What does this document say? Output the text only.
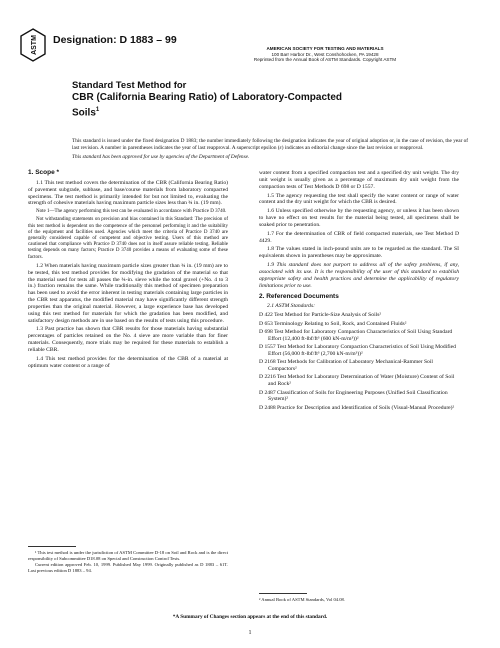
ASTM Designation: D 1883 – 99
AMERICAN SOCIETY FOR TESTING AND MATERIALS
100 Barr Harbor Dr., West Conshohocken, PA 19428
Reprinted from the Annual Book of ASTM Standards. Copyright ASTM
Standard Test Method for
CBR (California Bearing Ratio) of Laboratory-Compacted
Soils$^1$

This standard is issued under the fixed designation D 1883; the number immediately following the designation indicates the year of original adoption or, in the case of revision, the year of last revision. A number in parentheses indicates the year of last reapproval. A superscript epsilon (ε) indicates an editorial change since the last revision or reapproval.

This standard has been approved for use by agencies of the Department of Defense.

1. Scope *

1.1 This test method covers the determination of the CBR (California Bearing Ratio) of pavement subgrade, subbase, and base/course materials from laboratory compacted specimens. The test method is primarily intended for but not limited to, evaluating the strength of cohesive materials having maximum particle sizes less than ¾ in. (19 mm).

Note 1—The agency performing this test can be evaluated in accordance with Practice D 3740.

Not withstanding statements on precision and bias contained in this Standard: The precision of this test method is dependent on the competence of the personnel performing it and the suitability of the equipment and facilities used. Agencies which meet the criteria of Practice D 3740 are generally considered capable of competent and objective testing. Users of this method are cautioned that compliance with Practice D 3740 does not in itself assure reliable testing. Reliable testing depends on many factors; Practice D 3740 provides a means of evaluating some of these factors.

1.2 When materials having maximum particle sizes greater than ¾ in. (19 mm) are to be tested, this test method provides for modifying the gradation of the material so that the material used for tests all passes the ¾-in. sieve while the total gravel (+No. 4 to 3 in.) fraction remains the same. While traditionally this method of specimen preparation has been used to avoid the error inherent in testing materials containing large particles in the CBR test apparatus, the modified material may have significantly different strength properties than the original material. However, a large experience base has developed using this test method for materials for which the gradation has been modified, and satisfactory design methods are in use based on the results of tests using this procedure.

1.3 Past practice has shown that CBR results for those materials having substantial percentages of particles retained on the No. 4 sieve are more variable than for finer materials. Consequently, more trials may be required for these materials to establish a reliable CBR.

1.4 This test method provides for the determination of the CBR of a material at optimum water content or a range of

¹ This test method is under the jurisdiction of ASTM Committee D-18 on Soil and Rock and is the direct responsibility of Subcommittee D18.08 on Special and Construction Control Tests.

Current edition approved Feb. 10, 1999. Published May 1999. Originally published as D 1883 – 61T. Last previous edition D 1883 – 94.

water content from a specified compaction test and a specified dry unit weight. The dry unit weight is usually given as a percentage of maximum dry unit weight from the compaction tests of Test Methods D 698 or D 1557.

1.5 The agency requesting the test shall specify the water content or range of water content and the dry unit weight for which the CBR is desired.

1.6 Unless specified otherwise by the requesting agency, or unless it has been shown to have no effect on test results for the material being tested, all specimens shall be soaked prior to penetration.

1.7 For the determination of CBR of field compacted materials, see Test Method D 4429.

1.8 The values stated in inch-pound units are to be regarded as the standard. The SI equivalents shown in parentheses may be approximate.

1.9 This standard does not purport to address all of the safety problems, if any, associated with its use. It is the responsibility of the user of this standard to establish appropriate safety and health practices and determine the applicability of regulatory limitations prior to use.

2. Referenced Documents

2.1 ASTM Standards:

D 422 Test Method for Particle-Size Analysis of Soils²

D 653 Terminology Relating to Soil, Rock, and Contained Fluids²

D 698 Test Method for Laboratory Compaction Characteristics of Soil Using Standard Effort (12,400 ft-lbf/ft³ (600 kN-m/m³))²

D 1557 Test Method for Laboratory Compaction Characteristics of Soil Using Modified Effort (56,000 ft-lbf/ft³ (2,700 kN-m/m³))²

D 2168 Test Methods for Calibration of Laboratory Mechanical-Rammer Soil Compactors²

D 2216 Test Method for Laboratory Determination of Water (Moisture) Content of Soil and Rock²

D 2487 Classification of Soils for Engineering Purposes (Unified Soil Classification System)²

D 2488 Practice for Description and Identification of Soils (Visual-Manual Procedure)²

² Annual Book of ASTM Standards, Vol 04.08.
*A Summary of Changes section appears at the end of this standard.
1
